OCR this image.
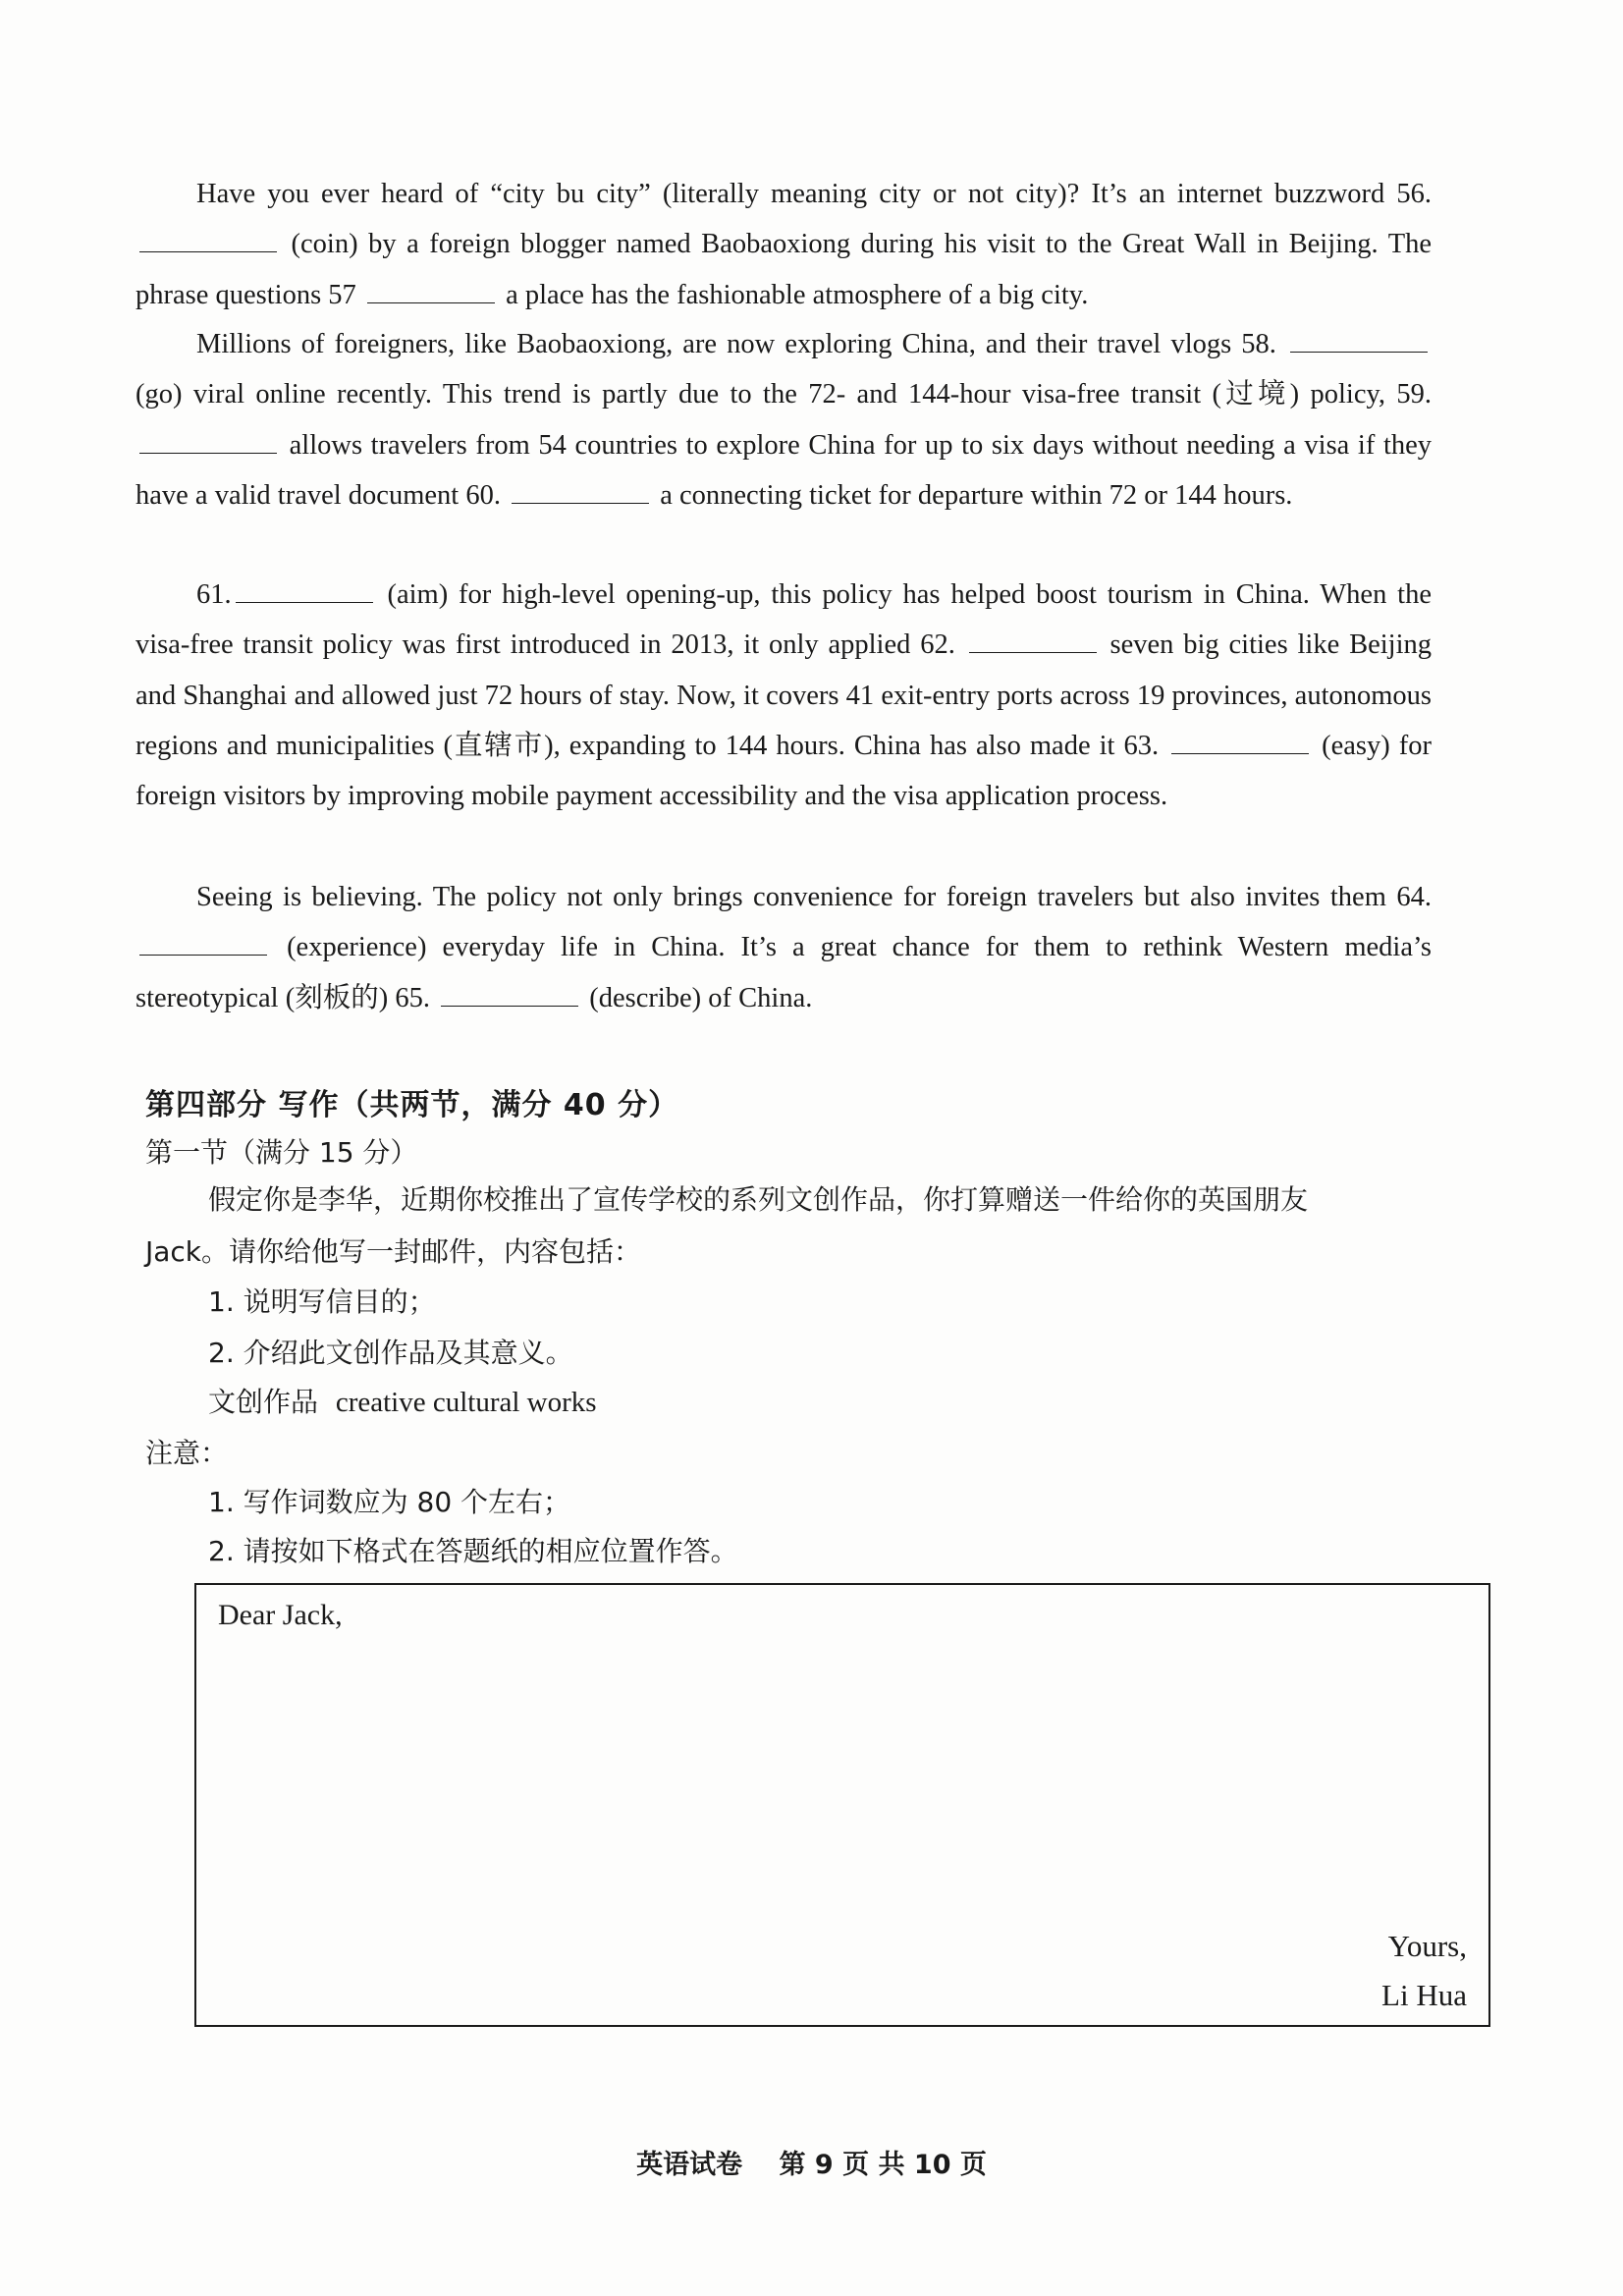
Have you ever heard of “city bu city” (literally meaning city or not city)? It’s an internet buzzword 56. (coin) by a foreign blogger named Baobaoxiong during his visit to the Great Wall in Beijing. The phrase questions 57	a place has the fashionable atmosphere of a big city.
Millions of foreigners, like Baobaoxiong, are now exploring China, and their travel vlogs 58.  (go) viral online recently. This trend is partly due to the 72- and 144-hour visa-free transit (过境) policy, 59. allows travelers from 54 countries to explore China for up to six days without needing a visa if they have a valid travel document 60.	a connecting ticket for departure within 72 or 144 hours.
61.	(aim) for high-level opening-up, this policy has helped boost tourism in China. When the visa-free transit policy was first introduced in 2013, it only applied 62.	seven big cities like Beijing and Shanghai and allowed just 72 hours of stay. Now, it covers 41 exit-entry ports across 19 provinces, autonomous regions and municipalities (直辖市), expanding to 144 hours. China has also made it 63.	(easy) for foreign visitors by improving mobile payment accessibility and the visa application process.
Seeing is believing. The policy not only brings convenience for foreign travelers but also invites them 64.  (experience) everyday life in China. It’s a great chance for them to rethink Western media’s stereotypical (刻板的) 65.	(describe) of China.
第四部分 写作（共两节，满分 40 分）
第一节（满分 15 分）
假定你是李华，近期你校推出了宣传学校的系列文创作品，你打算赠送一件给你的英国朋友
Jack。请你给他写一封邮件，内容包括：
1. 说明写信目的；
2. 介绍此文创作品及其意义。
文创作品 creative cultural works
注意：
1. 写作词数应为 80 个左右；
2. 请按如下格式在答题纸的相应位置作答。
Dear Jack,
Yours,
Li Hua
英语试卷 第 9 页 共 10 页
